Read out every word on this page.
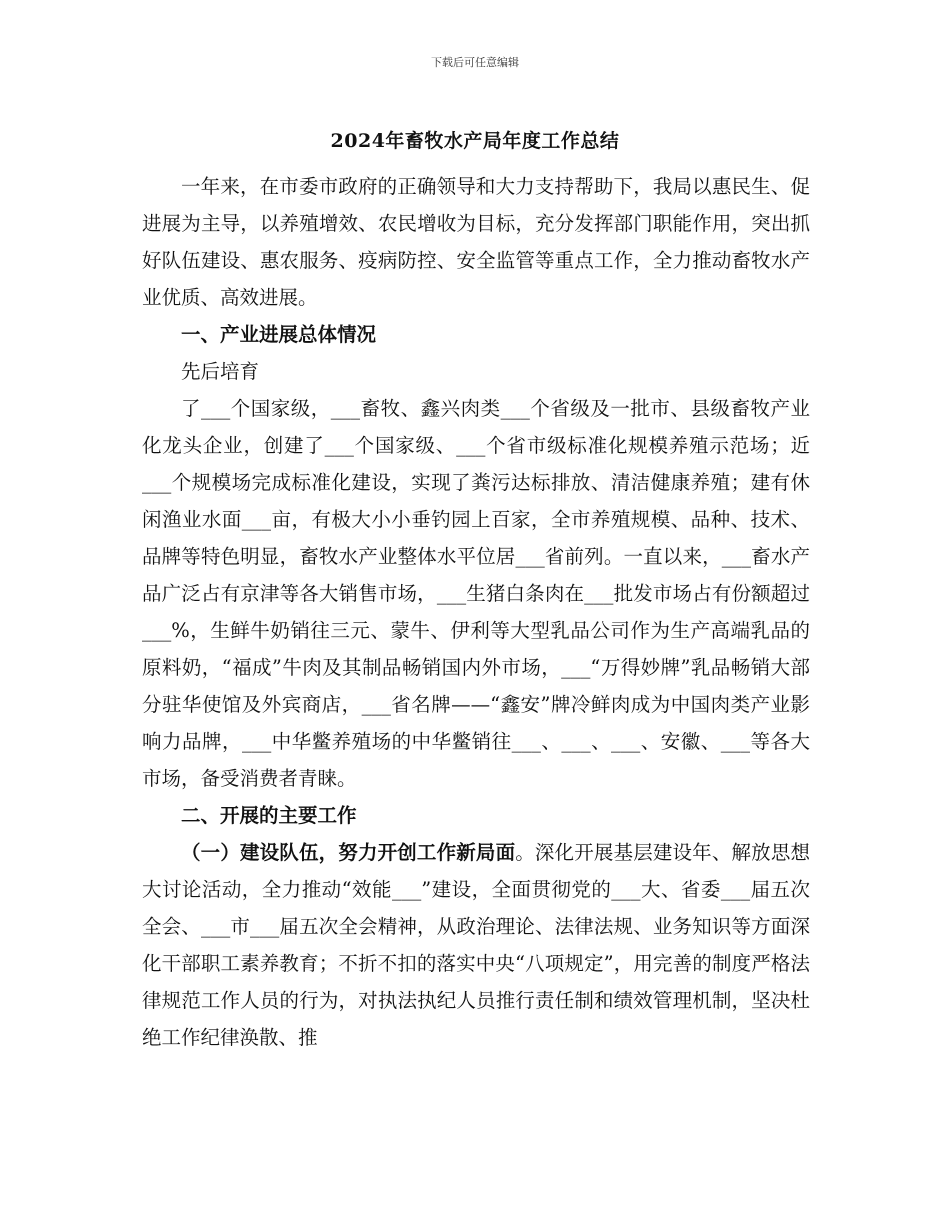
下载后可任意编辑
2024年畜牧水产局年度工作总结

一年来，在市委市政府的正确领导和大力支持帮助下，我局以惠民生、促进展为主导，以养殖增效、农民增收为目标，充分发挥部门职能作用，突出抓好队伍建设、惠农服务、疫病防控、安全监管等重点工作，全力推动畜牧水产业优质、高效进展。

一、产业进展总体情况

先后培育

了___个国家级，___畜牧、鑫兴肉类___个省级及一批市、县级畜牧产业化龙头企业，创建了___个国家级、___个省市级标准化规模养殖示范场；近___个规模场完成标准化建设，实现了粪污达标排放、清洁健康养殖；建有休闲渔业水面___亩，有极大小小垂钓园上百家，全市养殖规模、品种、技术、品牌等特色明显，畜牧水产业整体水平位居___省前列。一直以来，___畜水产品广泛占有京津等各大销售市场，___生猪白条肉在___批发市场占有份额超过___%，生鲜牛奶销往三元、蒙牛、伊利等大型乳品公司作为生产高端乳品的原料奶，“福成”牛肉及其制品畅销国内外市场，___“万得妙牌”乳品畅销大部分驻华使馆及外宾商店，___省名牌——“鑫安”牌冷鲜肉成为中国肉类产业影响力品牌，___中华鳖养殖场的中华鳖销往___、___、___、安徽、___等各大市场，备受消费者青睐。

二、开展的主要工作

（一）建设队伍，努力开创工作新局面。深化开展基层建设年、解放思想大讨论活动，全力推动“效能___”建设，全面贯彻党的___大、省委___届五次全会、___市___届五次全会精神，从政治理论、法律法规、业务知识等方面深化干部职工素养教育；不折不扣的落实中央“八项规定”，用完善的制度严格法律规范工作人员的行为，对执法执纪人员推行责任制和绩效管理机制，坚决杜绝工作纪律涣散、推
